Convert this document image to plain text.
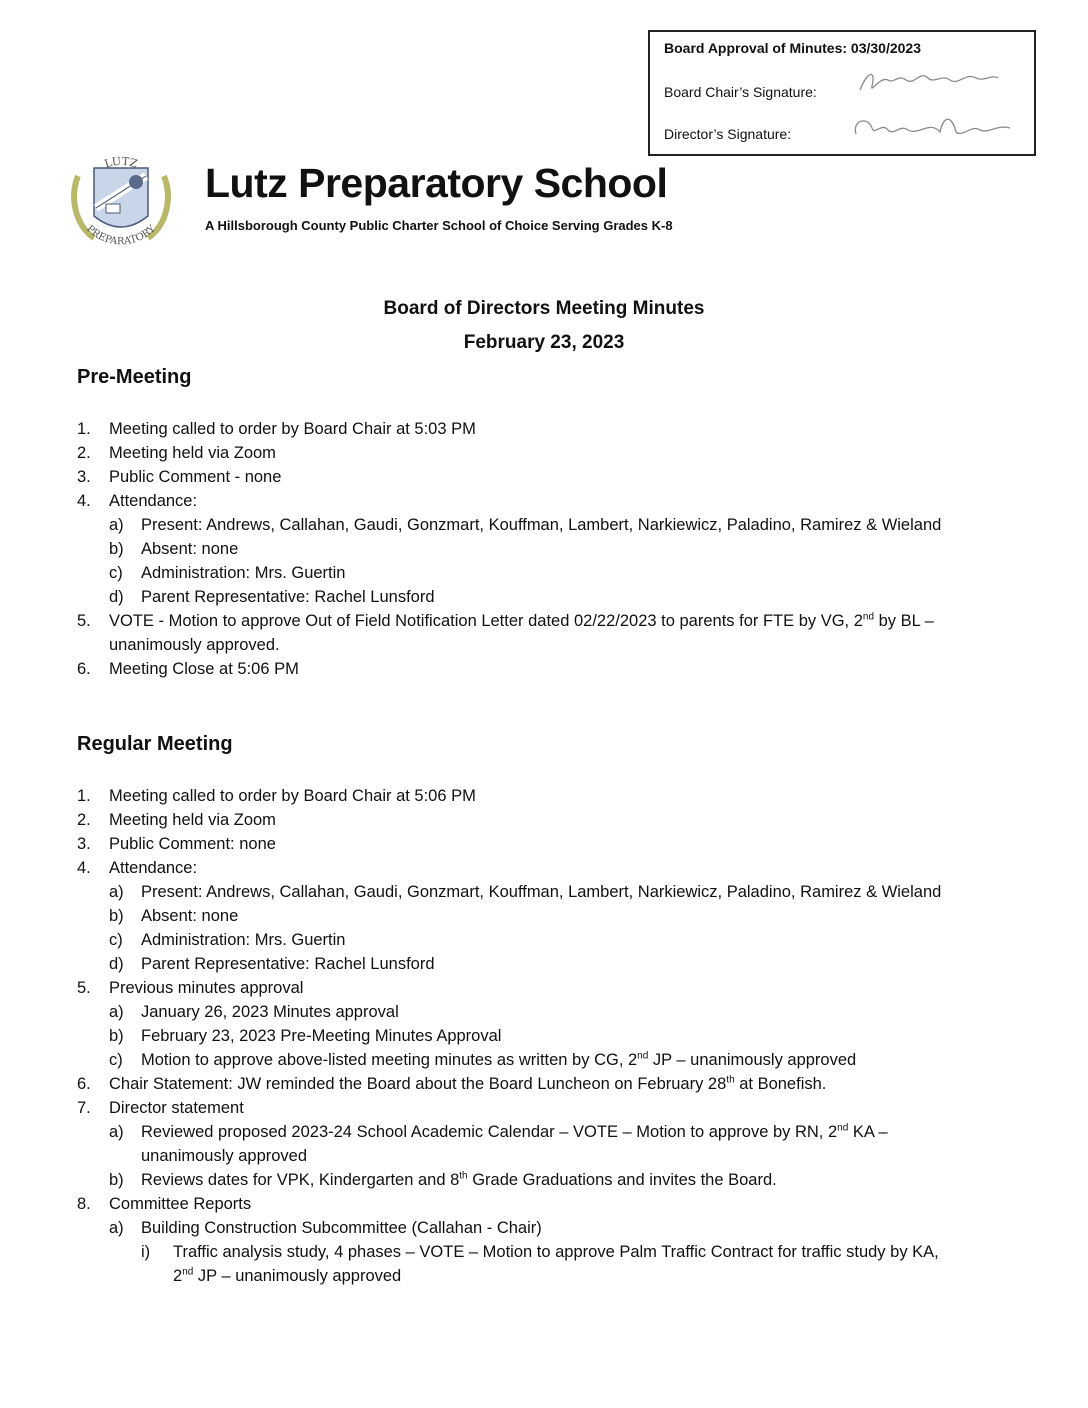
Board Approval of Minutes: 03/30/2023
Board Chair’s Signature:
Director’s Signature:
LUTZ
PREPARATORY
Lutz Preparatory School
A Hillsborough County Public Charter School of Choice Serving Grades K-8
Board of Directors Meeting Minutes
February 23, 2023
Pre-Meeting
1. Meeting called to order by Board Chair at 5:03 PM
2. Meeting held via Zoom
3. Public Comment - none
4. Attendance:
a) Present: Andrews, Callahan, Gaudi, Gonzmart, Kouffman, Lambert, Narkiewicz, Paladino, Ramirez & Wieland
b) Absent: none
c) Administration: Mrs. Guertin
d) Parent Representative: Rachel Lunsford
5. VOTE - Motion to approve Out of Field Notification Letter dated 02/22/2023 to parents for FTE by VG, 2nd by BL –
unanimously approved.
6. Meeting Close at 5:06 PM
Regular Meeting
1. Meeting called to order by Board Chair at 5:06 PM
2. Meeting held via Zoom
3. Public Comment: none
4. Attendance:
a) Present: Andrews, Callahan, Gaudi, Gonzmart, Kouffman, Lambert, Narkiewicz, Paladino, Ramirez & Wieland
b) Absent: none
c) Administration: Mrs. Guertin
d) Parent Representative: Rachel Lunsford
5. Previous minutes approval
a) January 26, 2023 Minutes approval
b) February 23, 2023 Pre-Meeting Minutes Approval
c) Motion to approve above-listed meeting minutes as written by CG, 2nd JP – unanimously approved
6. Chair Statement: JW reminded the Board about the Board Luncheon on February 28th at Bonefish.
7. Director statement
a) Reviewed proposed 2023-24 School Academic Calendar – VOTE – Motion to approve by RN, 2nd KA –
unanimously approved
b) Reviews dates for VPK, Kindergarten and 8th Grade Graduations and invites the Board.
8. Committee Reports
a) Building Construction Subcommittee (Callahan - Chair)
i) Traffic analysis study, 4 phases – VOTE – Motion to approve Palm Traffic Contract for traffic study by KA,
2nd JP – unanimously approved
